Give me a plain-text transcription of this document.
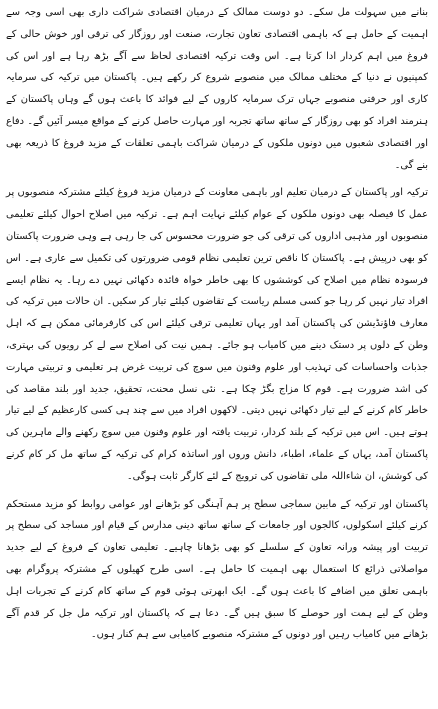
بنانے میں سہولت مل سکے۔ دو دوست ممالک کے درمیان اقتصادی شراکت داری بھی اسی وجہ سے اہمیت کے حامل ہے کہ باہمی اقتصادی تعاون تجارت، صنعت اور روزگار کی ترقی اور خوش حالی کے فروغ میں اہم کردار ادا کرتا ہے۔ اس وقت ترکیہ اقتصادی لحاظ سے آگے بڑھ رہا ہے اور اس کی کمپنیوں نے دنیا کے مختلف ممالک میں منصوبے شروع کر رکھے ہیں۔ پاکستان میں ترکیہ کی سرمایہ کاری اور حرفتی منصوبے جہاں ترک سرمایہ کاروں کے لیے فوائد کا باعث ہوں گے وہاں پاکستان کے ہنرمند افراد کو بھی روزگار کے ساتھ ساتھ تجربہ اور مہارت حاصل کرنے کے مواقع میسر آئیں گے۔ دفاع اور اقتصادی شعبوں میں دونوں ملکوں کے درمیان شراکت باہمی تعلقات کے مزید فروغ کا ذریعہ بھی بنے گی۔

ترکیہ اور پاکستان کے درمیان تعلیم اور باہمی معاونت کے درمیان مزید فروغ کیلئے مشترکہ منصوبوں پر عمل کا فیصلہ بھی دونوں ملکوں کے عوام کیلئے نہایت اہم ہے۔ ترکیہ میں اصلاح احوال کیلئے تعلیمی منصوبوں اور مذہبی اداروں کی ترقی کی جو ضرورت محسوس کی جا رہی ہے وہی ضرورت پاکستان کو بھی درپیش ہے۔ پاکستان کا ناقص ترین تعلیمی نظام قومی ضرورتوں کی تکمیل سے عاری ہے۔ اس فرسودہ نظام میں اصلاح کی کوششوں کا بھی خاطر خواہ فائدہ دکھائی نہیں دے رہا۔ یہ نظام ایسے افراد تیار نہیں کر رہا جو کسی مسلم ریاست کے تقاضوں کیلئے تیار کر سکیں۔ ان حالات میں ترکیہ کی معارف فاؤنڈیشن کی پاکستان آمد اور یہاں تعلیمی ترقی کیلئے اس کی کارفرمائی ممکن ہے کہ اہل وطن کے دلوں پر دستک دینے میں کامیاب ہو جائے۔ ہمیں نیت کی اصلاح سے لے کر رویوں کی بہتری، جذبات واحساسات کی تہذیب اور علوم وفنون میں سوچ کی تربیت غرض ہر تعلیمی و تربیتی مہارت کی اشد ضرورت ہے۔ قوم کا مزاج بگڑ چکا ہے۔ نئی نسل محنت، تحقیق، جدید اور بلند مقاصد کی خاطر کام کرنے کے لیے تیار دکھائی نہیں دیتی۔ لاکھوں افراد میں سے چند ہی کسی کارعظیم کے لیے تیار ہوتے ہیں۔ اس میں ترکیہ کے بلند کردار، تربیت یافتہ اور علوم وفنون میں سوچ رکھنے والے ماہرین کی پاکستان آمد، یہاں کے علماء، اطباء، دانش وروں اور اساتذہ کرام کی ترکیہ کے ساتھ مل کر کام کرنے کی کوشش، ان شاءاللہ ملی تقاضوں کی ترویج کے لئے کارگر ثابت ہوگی۔

پاکستان اور ترکیہ کے مابین سماجی سطح پر ہم آہنگی کو بڑھانے اور عوامی روابط کو مزید مستحکم کرنے کیلئے اسکولوں، کالجوں اور جامعات کے ساتھ ساتھ دینی مدارس کے قیام اور مساجد کی سطح پر تربیت اور پیشہ ورانہ تعاون کے سلسلے کو بھی بڑھانا چاہیے۔ تعلیمی تعاون کے فروغ کے لیے جدید مواصلاتی ذرائع کا استعمال بھی اہمیت کا حامل ہے۔ اسی طرح کھیلوں کے مشترکہ پروگرام بھی باہمی تعلق میں اضافے کا باعث ہوں گے۔ ایک ابھرتی ہوئی قوم کے ساتھ کام کرنے کے تجربات اہل وطن کے لیے ہمت اور حوصلے کا سبق ہیں گے۔ دعا ہے کہ پاکستان اور ترکیہ مل جل کر قدم آگے بڑھانے میں کامیاب رہیں اور دونوں کے مشترکہ منصوبے کامیابی سے ہم کنار ہوں۔
